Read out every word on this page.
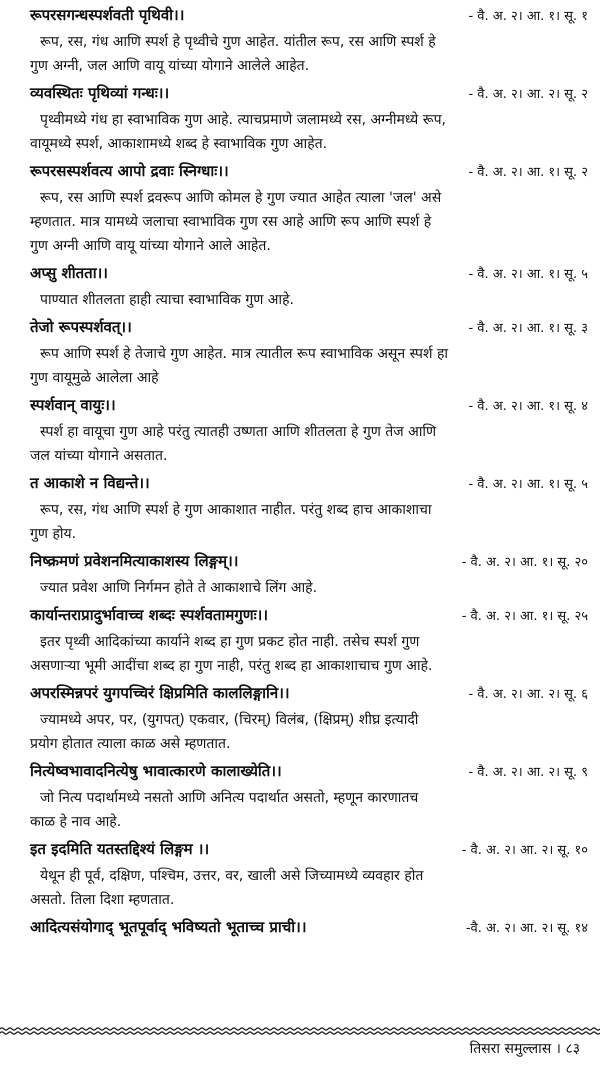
रूपरसगन्धस्पर्शवती पृथिवी।।	- वै. अ. २। आ. १। सू. १

रूप, रस, गंध आणि स्पर्श हे पृथ्वीचे गुण आहेत. यांतील रूप, रस आणि स्पर्श हे
गुण अग्नी, जल आणि वायू यांच्या योगाने आलेले आहेत.

व्यवस्थितः पृथिव्यां गन्धः।।	- वै. अ. २। आ. २। सू. २

पृथ्वीमध्ये गंध हा स्वाभाविक गुण आहे. त्याचप्रमाणे जलामध्ये रस, अग्नीमध्ये रूप,
वायूमध्ये स्पर्श, आकाशामध्ये शब्द हे स्वाभाविक गुण आहेत.

रूपरसस्पर्शवत्य आपो द्रवाः स्निग्धाः।।	- वै. अ. २। आ. १। सू. २

रूप, रस आणि स्पर्श द्रवरूप आणि कोमल हे गुण ज्यात आहेत त्याला 'जल' असे
म्हणतात. मात्र यामध्ये जलाचा स्वाभाविक गुण रस आहे आणि रूप आणि स्पर्श हे
गुण अग्नी आणि वायू यांच्या योगाने आले आहेत.

अप्सु शीतता।।	- वै. अ. २। आ. १। सू. ५

पाण्यात शीतलता हाही त्याचा स्वाभाविक गुण आहे.

तेजो रूपस्पर्शवत्।।	- वै. अ. २। आ. १। सू. ३

रूप आणि स्पर्श हे तेजाचे गुण आहेत. मात्र त्यातील रूप स्वाभाविक असून स्पर्श हा
गुण वायूमुळे आलेला आहे

स्पर्शवान् वायुः।।	- वै. अ. २। आ. १। सू. ४

स्पर्श हा वायूचा गुण आहे परंतु त्यातही उष्णता आणि शीतलता हे गुण तेज आणि
जल यांच्या योगाने असतात.

त आकाशे न विद्यन्ते।।	- वै. अ. २। आ. १। सू. ५

रूप, रस, गंध आणि स्पर्श हे गुण आकाशात नाहीत. परंतु शब्द हाच आकाशाचा
गुण होय.

निष्क्रमणं प्रवेशनमित्याकाशस्य लिङ्गम्।।	- वै. अ. २। आ. १। सू. २०

ज्यात प्रवेश आणि निर्गमन होते ते आकाशाचे लिंग आहे.

कार्यान्तराप्रादुर्भावाच्च शब्दः स्पर्शवतामगुणः।।	- वै. अ. २। आ. १। सू. २५

इतर पृथ्वी आदिकांच्या कार्याने शब्द हा गुण प्रकट होत नाही. तसेच स्पर्श गुण
असणाऱ्या भूमी आदींचा शब्द हा गुण नाही, परंतु शब्द हा आकाशाचाच गुण आहे.

अपरस्मिन्नपरं युगपच्चिरं क्षिप्रमिति काललिङ्गानि।।	- वै. अ. २। आ. २। सू. ६

ज्यामध्ये अपर, पर, (युगपत्) एकवार, (चिरम्) विलंब, (क्षिप्रम्) शीघ्र इत्यादी
प्रयोग होतात त्याला काळ असे म्हणतात.

नित्येष्वभावादनित्येषु भावात्कारणे कालाख्येति।।	- वै. अ. २। आ. २। सू. ९

जो नित्य पदार्थामध्ये नसतो आणि अनित्य पदार्थात असतो, म्हणून कारणातच
काळ हे नाव आहे.

इत इदमिति यतस्तद्दिश्यं लिङ्गम ।।	- वै. अ. २। आ. २। सू. १०

येथून ही पूर्व, दक्षिण, पश्चिम, उत्तर, वर, खाली असे जिच्यामध्ये व्यवहार होत
असतो. तिला दिशा म्हणतात.

आदित्यसंयोगाद् भूतपूर्वाद् भविष्यतो भूताच्च प्राची।।	-वै. अ. २। आ. २। सू. १४
तिसरा समुल्लास । ८३
